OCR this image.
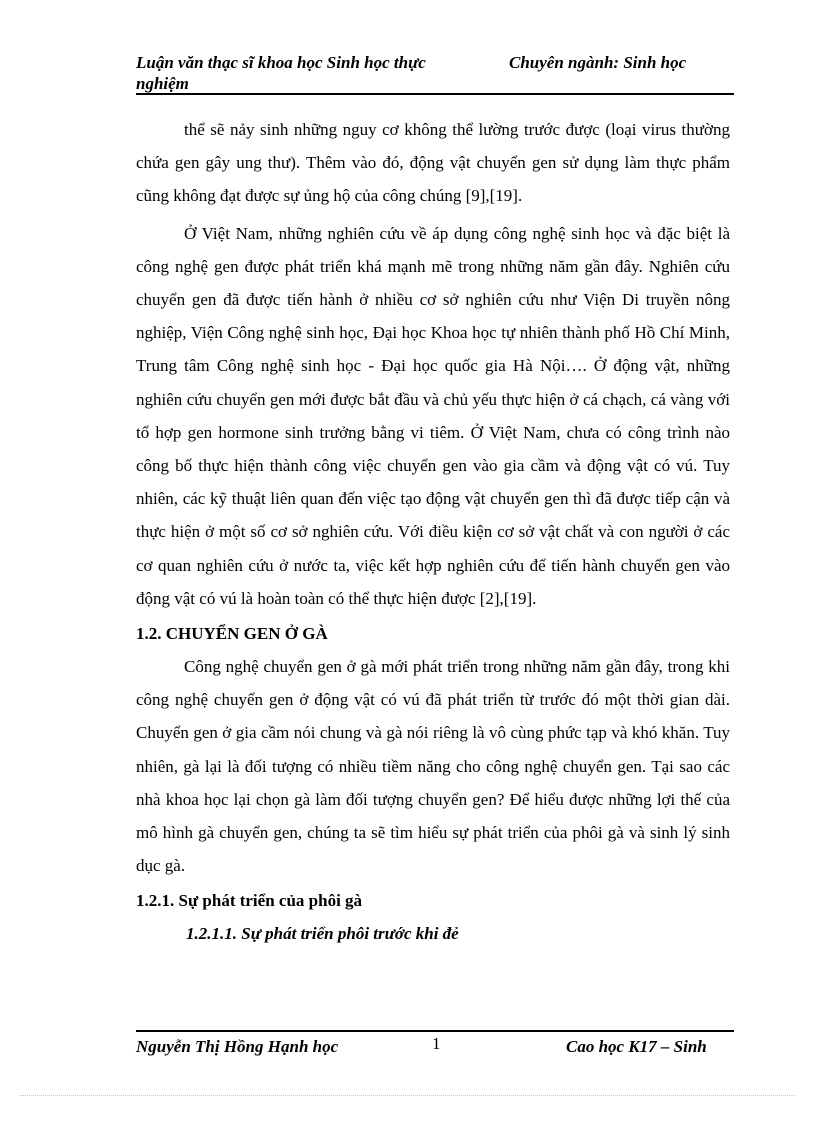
Luận văn thạc sĩ khoa học Sinh học thực nghiệm
Chuyên ngành: Sinh học

thể sẽ nảy sinh những nguy cơ không thể lường trước được (loại virus thường chứa gen gây ung thư). Thêm vào đó, động vật chuyển gen sử dụng làm thực phẩm cũng không đạt được sự ủng hộ của công chúng [9],[19].

Ở Việt Nam, những nghiên cứu về áp dụng công nghệ sinh học và đặc biệt là công nghệ gen được phát triển khá mạnh mẽ trong những năm gần đây. Nghiên cứu chuyển gen đã được tiến hành ở nhiều cơ sở nghiên cứu như Viện Di truyền nông nghiệp, Viện Công nghệ sinh học, Đại học Khoa học tự nhiên thành phố Hồ Chí Minh, Trung tâm Công nghệ sinh học - Đại học quốc gia Hà Nội…. Ở động vật, những nghiên cứu chuyển gen mới được bắt đầu và chủ yếu thực hiện ở cá chạch, cá vàng với tổ hợp gen hormone sinh trưởng bằng vi tiêm. Ở Việt Nam, chưa có công trình nào công bố thực hiện thành công việc chuyển gen vào gia cầm và động vật có vú. Tuy nhiên, các kỹ thuật liên quan đến việc tạo động vật chuyển gen thì đã được tiếp cận và thực hiện ở một số cơ sở nghiên cứu. Với điều kiện cơ sở vật chất và con người ở các cơ quan nghiên cứu ở nước ta, việc kết hợp nghiên cứu để tiến hành chuyển gen vào động vật có vú là hoàn toàn có thể thực hiện được [2],[19].

1.2. CHUYỂN GEN Ở GÀ

Công nghệ chuyển gen ở gà mới phát triển trong những năm gần đây, trong khi công nghệ chuyển gen ở động vật có vú đã phát triển từ trước đó một thời gian dài. Chuyển gen ở gia cầm nói chung và gà nói riêng là vô cùng phức tạp và khó khăn. Tuy nhiên, gà lại là đối tượng có nhiều tiềm năng cho công nghệ chuyển gen. Tại sao các nhà khoa học lại chọn gà làm đối tượng chuyển gen? Để hiểu được những lợi thế của mô hình gà chuyển gen, chúng ta sẽ tìm hiểu sự phát triển của phôi gà và sinh lý sinh dục gà.

1.2.1. Sự phát triển của phôi gà
1.2.1.1. Sự phát triển phôi trước khi đẻ
Nguyễn Thị Hồng Hạnh học	1	Cao học K17 – Sinh
